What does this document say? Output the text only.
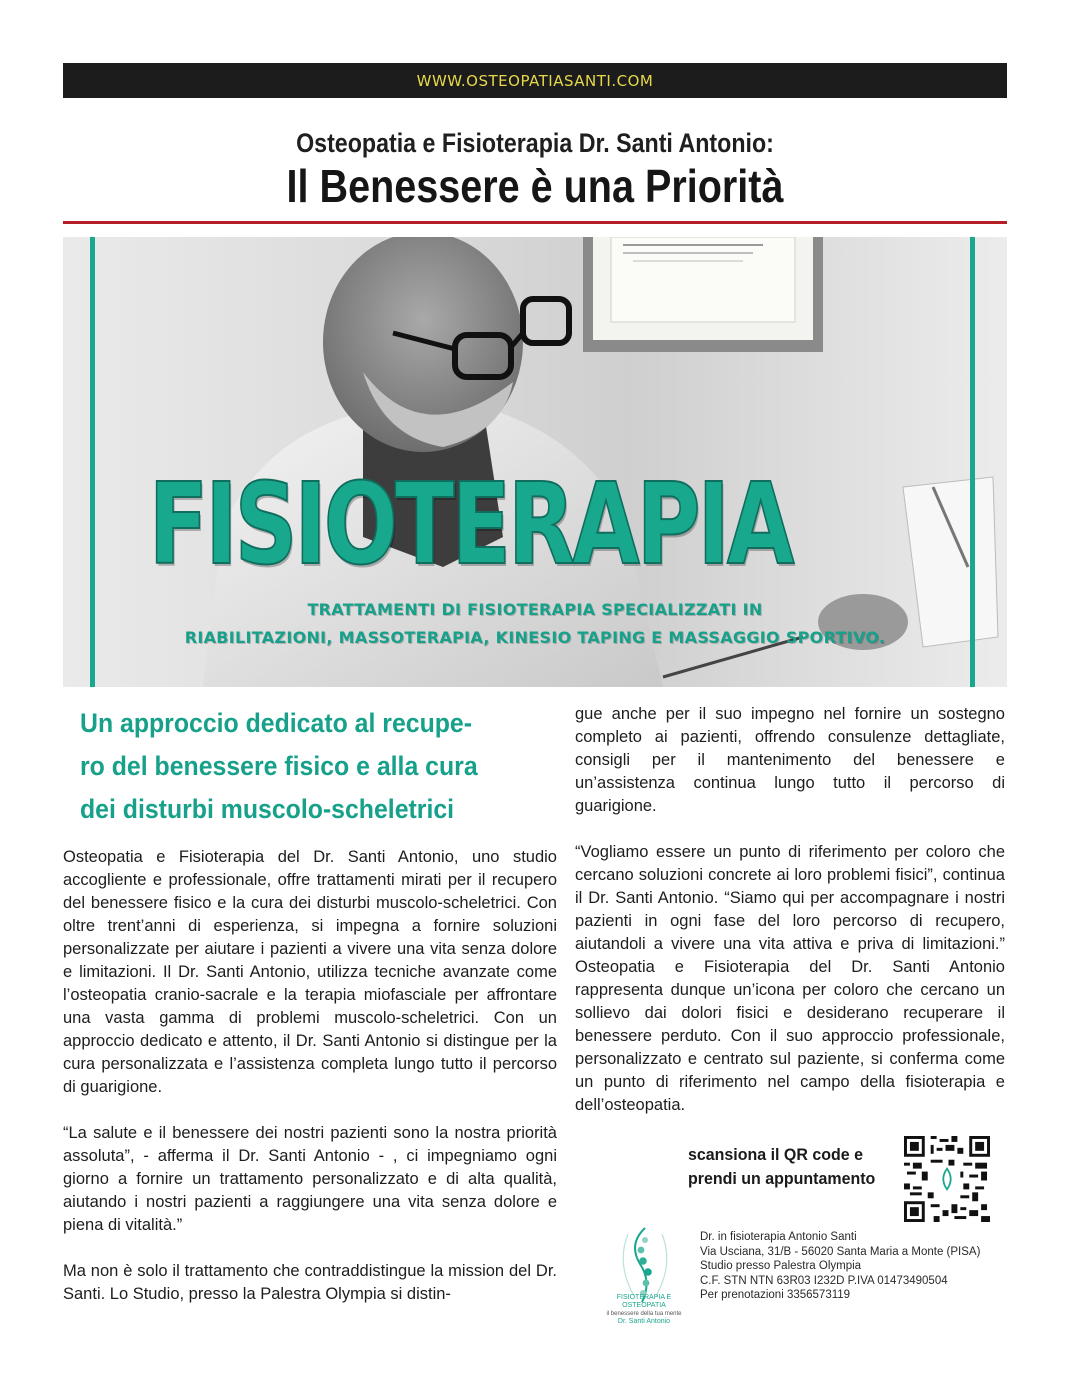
WWW.OSTEOPATIASANTI.COM
Osteopatia e Fisioterapia Dr. Santi Antonio:
Il Benessere è una Priorità
FISIOTERAPIA
TRATTAMENTI DI FISIOTERAPIA SPECIALIZZATI IN
RIABILITAZIONI, MASSOTERAPIA, KINESIO TAPING E MASSAGGIO SPORTIVO.
Un approccio dedicato al recupe-
ro del benessere fisico e alla cura
dei disturbi muscolo-scheletrici

Osteopatia e Fisioterapia del Dr. Santi Antonio, uno studio accogliente e professionale, offre trattamenti mirati per il recupero del benessere fisico e la cura dei disturbi muscolo-scheletrici. Con oltre trent’anni di esperienza, si impegna a fornire soluzioni personalizzate per aiutare i pazienti a vivere una vita senza dolore e limitazioni. Il Dr. Santi Antonio, utilizza tecniche avanzate come l’osteopatia cranio-sacrale e la terapia miofasciale per affrontare una vasta gamma di problemi muscolo-scheletrici. Con un approccio dedicato e attento, il Dr. Santi Antonio si distingue per la cura personalizzata e l’assistenza completa lungo tutto il percorso di guarigione.

“La salute e il benessere dei nostri pazienti sono la nostra priorità assoluta”, - afferma il Dr. Santi Antonio - , ci impegniamo ogni giorno a fornire un trattamento personalizzato e di alta qualità, aiutando i nostri pazienti a raggiungere una vita senza dolore e piena di vitalità.”

Ma non è solo il trattamento che contraddistingue la mission del Dr. Santi. Lo Studio, presso la Palestra Olympia si distin-

gue anche per il suo impegno nel fornire un sostegno completo ai pazienti, offrendo consulenze dettagliate, consigli per il mantenimento del benessere e un’assistenza continua lungo tutto il percorso di guarigione.

“Vogliamo essere un punto di riferimento per coloro che cercano soluzioni concrete ai loro problemi fisici”, continua il Dr. Santi Antonio. “Siamo qui per accompagnare i nostri pazienti in ogni fase del loro percorso di recupero, aiutandoli a vivere una vita attiva e priva di limitazioni.” Osteopatia e Fisioterapia del Dr. Santi Antonio rappresenta dunque un’icona per coloro che cercano un sollievo dai dolori fisici e desiderano recuperare il benessere perduto. Con il suo approccio professionale, personalizzato e centrato sul paziente, si conferma come un punto di riferimento nel campo della fisioterapia e dell’osteopatia.

scansiona il QR code e
prendi un appuntamento
FISIOTERAPIA E OSTEOPATIA
il benessere della tua mente
Dr. Santi Antonio
Dr. in fisioterapia Antonio Santi
Via Usciana, 31/B - 56020 Santa Maria a Monte (PISA)
Studio presso Palestra Olympia
C.F. STN NTN 63R03 I232D P.IVA 01473490504
Per prenotazioni 3356573119
